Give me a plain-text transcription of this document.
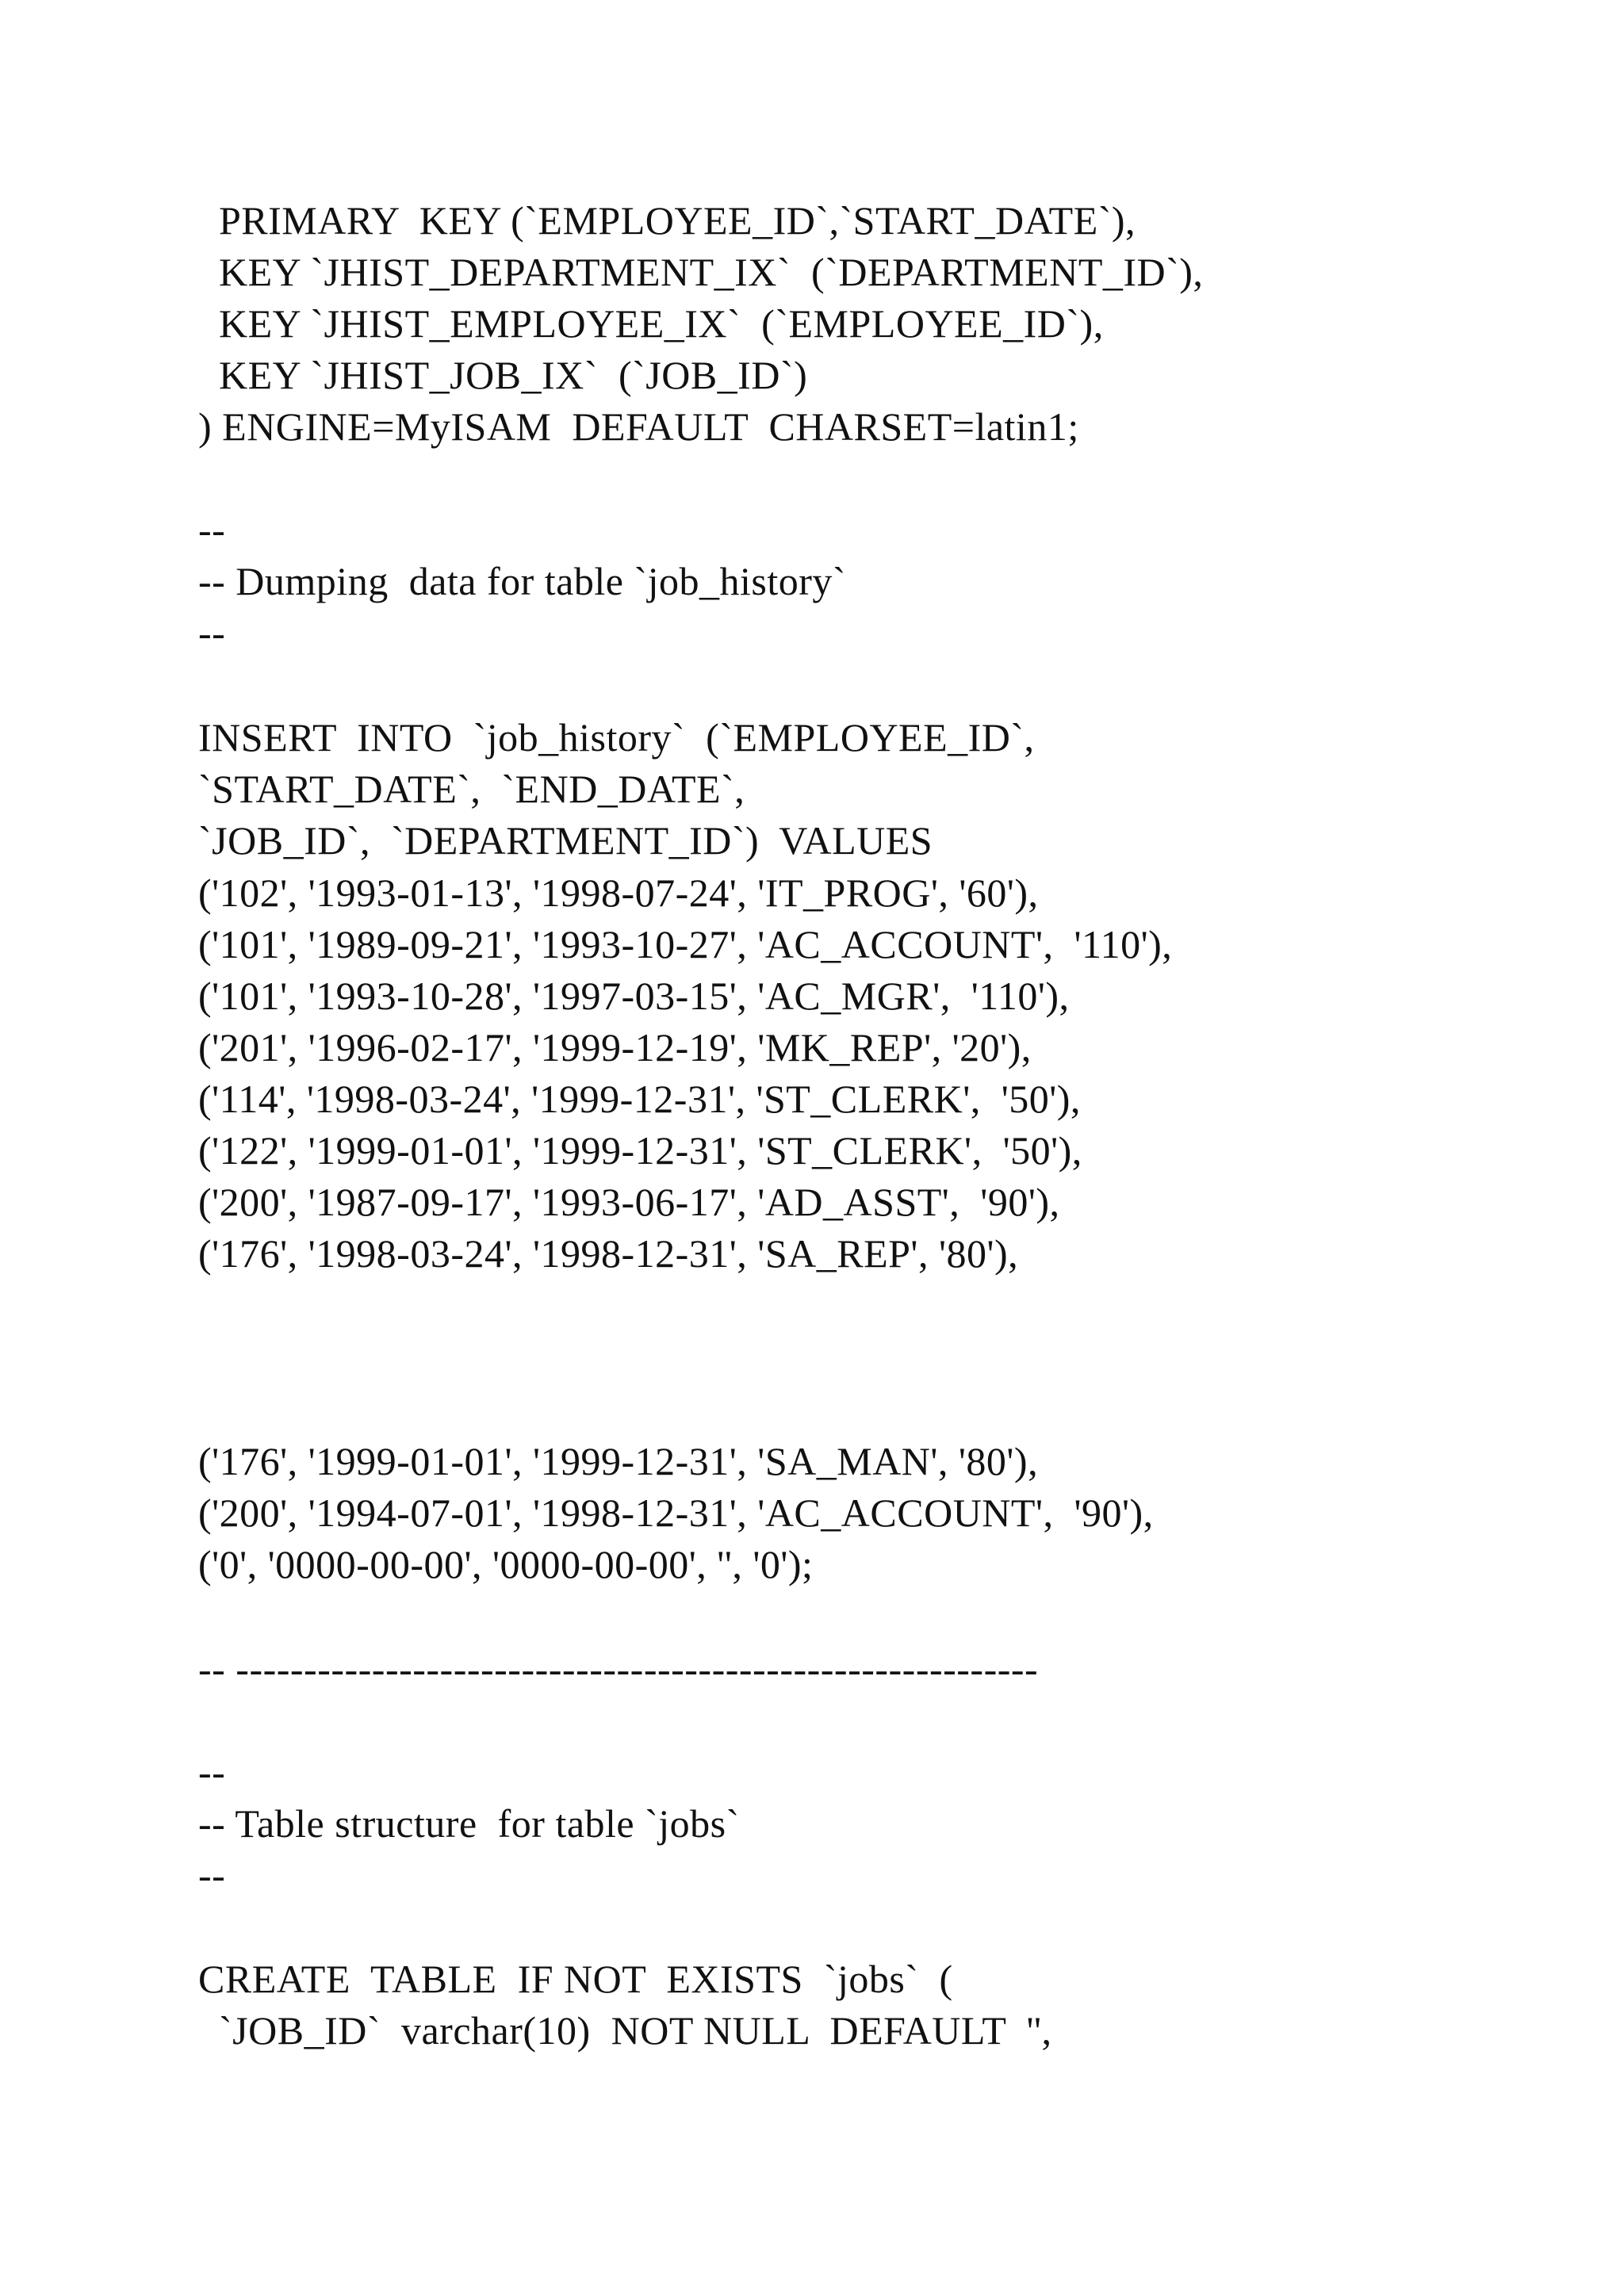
PRIMARY  KEY (`EMPLOYEE_ID`,`START_DATE`),

KEY `JHIST_DEPARTMENT_IX`  (`DEPARTMENT_ID`),

KEY `JHIST_EMPLOYEE_IX`  (`EMPLOYEE_ID`),

KEY `JHIST_JOB_IX`  (`JOB_ID`)

) ENGINE=MyISAM  DEFAULT  CHARSET=latin1;

--

-- Dumping  data for table `job_history`

--

INSERT  INTO  `job_history`  (`EMPLOYEE_ID`,

`START_DATE`,  `END_DATE`,

`JOB_ID`,  `DEPARTMENT_ID`)  VALUES

('102', '1993-01-13', '1998-07-24', 'IT_PROG', '60'),

('101', '1989-09-21', '1993-10-27', 'AC_ACCOUNT',  '110'),

('101', '1993-10-28', '1997-03-15', 'AC_MGR',  '110'),

('201', '1996-02-17', '1999-12-19', 'MK_REP', '20'),

('114', '1998-03-24', '1999-12-31', 'ST_CLERK',  '50'),

('122', '1999-01-01', '1999-12-31', 'ST_CLERK',  '50'),

('200', '1987-09-17', '1993-06-17', 'AD_ASST',  '90'),

('176', '1998-03-24', '1998-12-31', 'SA_REP', '80'),

('176', '1999-01-01', '1999-12-31', 'SA_MAN', '80'),

('200', '1994-07-01', '1998-12-31', 'AC_ACCOUNT',  '90'),

('0', '0000-00-00', '0000-00-00', '', '0');

-- -----------------------------------------------------------

--

-- Table structure  for table `jobs`

--

CREATE  TABLE  IF NOT  EXISTS  `jobs`  (

`JOB_ID`  varchar(10)  NOT NULL  DEFAULT  '',
